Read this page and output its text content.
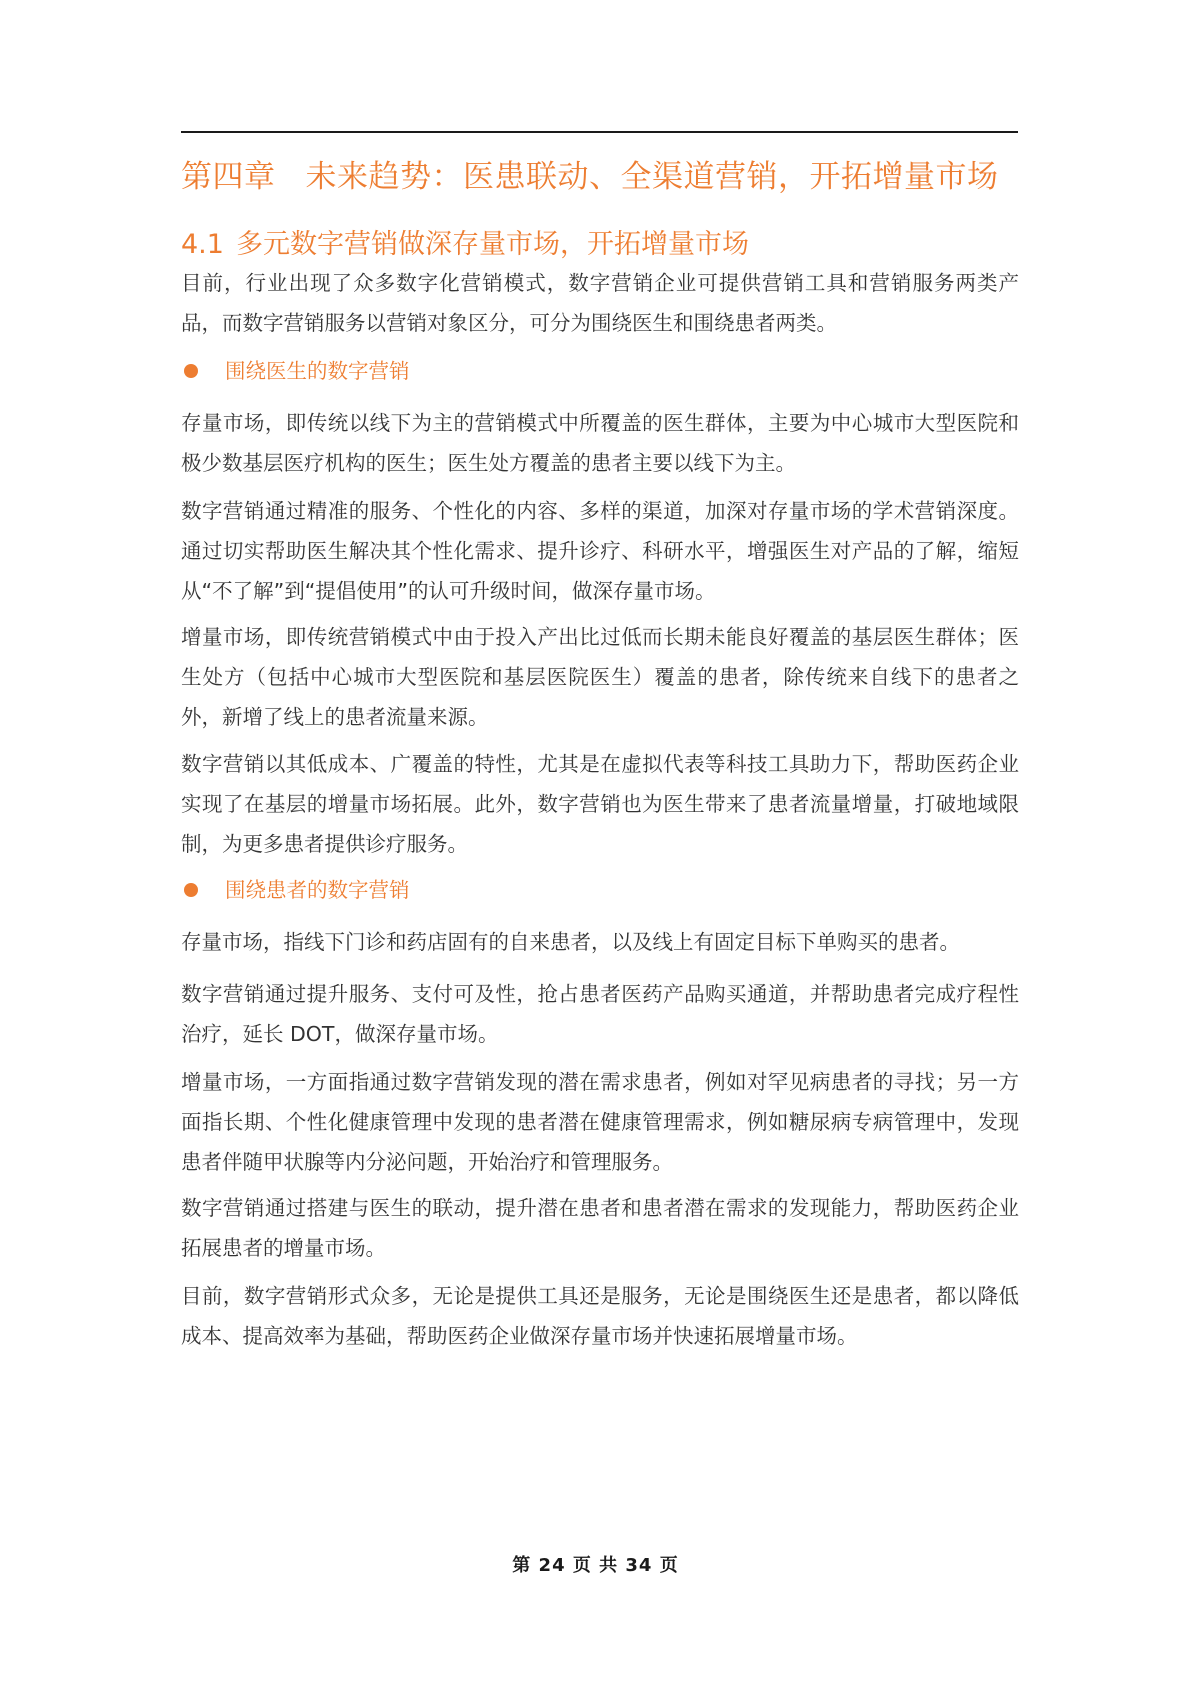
第四章 未来趋势：医患联动、全渠道营销，开拓增量市场
4.1 多元数字营销做深存量市场，开拓增量市场
目前，行业出现了众多数字化营销模式，数字营销企业可提供营销工具和营销服务两类产品，而数字营销服务以营销对象区分，可分为围绕医生和围绕患者两类。
围绕医生的数字营销
存量市场，即传统以线下为主的营销模式中所覆盖的医生群体，主要为中心城市大型医院和极少数基层医疗机构的医生；医生处方覆盖的患者主要以线下为主。
数字营销通过精准的服务、个性化的内容、多样的渠道，加深对存量市场的学术营销深度。通过切实帮助医生解决其个性化需求、提升诊疗、科研水平，增强医生对产品的了解，缩短从“不了解”到“提倡使用”的认可升级时间，做深存量市场。
增量市场，即传统营销模式中由于投入产出比过低而长期未能良好覆盖的基层医生群体；医生处方（包括中心城市大型医院和基层医院医生）覆盖的患者，除传统来自线下的患者之外，新增了线上的患者流量来源。
数字营销以其低成本、广覆盖的特性，尤其是在虚拟代表等科技工具助力下，帮助医药企业实现了在基层的增量市场拓展。此外，数字营销也为医生带来了患者流量增量，打破地域限制，为更多患者提供诊疗服务。
围绕患者的数字营销
存量市场，指线下门诊和药店固有的自来患者，以及线上有固定目标下单购买的患者。
数字营销通过提升服务、支付可及性，抢占患者医药产品购买通道，并帮助患者完成疗程性治疗，延长 DOT，做深存量市场。
增量市场，一方面指通过数字营销发现的潜在需求患者，例如对罕见病患者的寻找；另一方面指长期、个性化健康管理中发现的患者潜在健康管理需求，例如糖尿病专病管理中，发现患者伴随甲状腺等内分泌问题，开始治疗和管理服务。
数字营销通过搭建与医生的联动，提升潜在患者和患者潜在需求的发现能力，帮助医药企业拓展患者的增量市场。
目前，数字营销形式众多，无论是提供工具还是服务，无论是围绕医生还是患者，都以降低成本、提高效率为基础，帮助医药企业做深存量市场并快速拓展增量市场。
第 24 页 共 34 页
